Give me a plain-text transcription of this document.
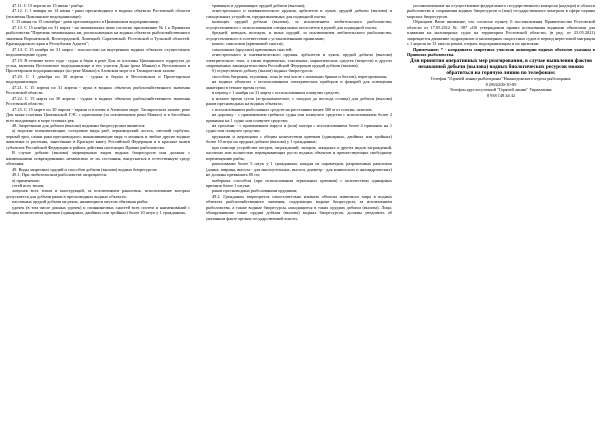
47.11. С 15 апреля по 15 июня - рыбца.

47.12. С 1 января по 14 июня - раки пресноводного в водных объектах Ростовской области (исключая Цимлянское водохранилище);

С 15 июня по 15 сентября - раки пресноводного в Цимлянском водохранилище;

47.13. С 15 ноября по 31 марта - на зимовальных ямах согласно приложению № 1 к Правилам рыболовства "Перечень зимовальных ям, расположенных на водных объектах рыбохозяйственного значения Воронежской, Волгоградской, Липецкой, Саратовской, Ростовской и Тульской областей, Краснодарского края и Республики Адыгея";

47.14. С 15 ноября по 31 марта - плоскостью на внутренних водных объектах осуществлять водоизмещение судов;

47.19. В течение всего года - судак и берш в реке Дон от плотины Цимлянского гидроузла до устья, включая Веселовское водохранилище и его участок Дона (река Маныч) в Веселовском и Пролетарском водохранилищах (по реке Маныч) в Азовском море и в Таганрогском заливе.

47.20. С 1 декабря по 30 апреля - судака и берша в Веселовском и Пролетарском водохранилищах.

47.21. С 15 апреля по 31 апреля - щука в водных объектах рыбохозяйственного значения Ростовской области.

47.22. С 15 марта по 30 апреля - судака в водных объектах рыбохозяйственного значения Ростовской области;

47.25. С 15 марта по 30 апреля - тарани и плотвы в Азовском море, Таганрогском заливе, реке Дон ниже плотины Цимлянской ГЭС с притоками (за исключением реки Маныч) и в бассейнах всех впадающих в море степных рек.

48. Запретными для добычи (вылова) водными биоресурсами являются:

а) морские млекопитающие, осетровые виды рыб, черноморский лосось, светлый горбуша, черный ерш, самки рака пресноводного, вынашивающие икру и личинок и любые другие водные животные и растения, занесённые в Красную книгу Российской Федерации и в красные книги субъектов Российской Федерации в районе действия настоящих Правил рыболовства.

В случае добычи (вылова) запрещенных видов водных биоресурсов они должны с наименьшими повреждениями, независимо от их состояния, выпускаться в естественную среду обитания.

49. Виды запретных орудий и способов добычи (вылова) водных биоресурсов:

49.1. При любительском рыболовстве запрещается:

а) применение:

сетей всех типов;

ловушек всех типов и конструкций, за исключением раколовок, использование которых допускается для добычи раков в пресноводных водных объектах;

пассивных орудий добычи на реках, являющихся местом обитания рыбы;

удочек (в том числе донных удочек) и спиннинговых снастей всех систем и наименований с общим количеством крючков (одинарных, двойных или тройных) более 10 штук у 1 гражданина,

травящих и дурманящих орудий добычи (вылова);

огнестрельного и пневматического оружия, арбалетов и луков, орудий добычи (вылова) и самодельных устройств, предназначенных для подводной охоты;

колющих орудий добычи (вылова), за исключением любительского рыболовства, осуществляемого с использованием специальных пистолетов и ружей для подводной охоты;

бредней, неводов, волокуш, и иных орудий, за исключением любительского рыболовства, осуществляемого в соответствии с установленными правилами;

кошек, самоловов (крючковой снасти);

самоловных (ярусных) крючковых снастей;

огнестрельного и пневматического оружия, арбалетов и луков, орудий добычи (вылова) электрического тока, а также взрывчатых, токсичных, наркотических средств (веществ) и других запрещенных законодательством Российской Федерации орудий добычи (вылова);

б) осуществлять добычу (вылов) водных биоресурсов:

способом багрения, глушения, гона (в том числе с помощью бряков и болтов), перегорожения;

на водных объектах с использованием электрических приборов и фонарей для освещения акватории в темное время суток;

в период с 1 ноября по 31 марта с использованием плавучих средств;

в ночное время суток (астрономическое, с заходом до восхода солнца) для добычи (вылова) раков пресноводных на водных объектах;

с использованием рыболовных средств на расстоянии менее 500 м от плотин, шлюзов;

на дорожку - с применением гребного судна или плавучего средства с использованием более 2 приманок на 1 судно или плавучее средство;

на троллинг - с применением паруса и (или) мотора с использованием более 2 приманок на 1 судно или плавучее средство;

кружками и жерлицами с общим количеством крючков (одинарных, двойных или тройных) более 10 штук на орудиях добычи (вылова) у 1 гражданина;

при помощи устройства заездов, заграждений, запоров, закидных и других видов заграждений, частично или полностью перекрывающих русло водных объектов и препятствующих свободному перемещению рыбы;

раколовками более 5 штук у 1 гражданина, каждая из параметров, разрешенных раколовок (длина, ширина, высота - для многоугольных, высота, диаметр - для конических и цилиндрических) не должны превышать 80 см;

жаберных способом (при использовании зеркальных крючков) с количеством одинарных крючков более 1 штуки;

раков пресноводных рыболовными орудиями;

49.2. Гражданам запрещается самостоятельно изымать объекты животного мира в водных объектах рыбохозяйственного значения, содержащих водные биоресурсы, за исключением рыболовства, а также водные биоресурсы, находящиеся в таких орудиях добычи (вылова). Лица, обнаружившие такие орудия добычи (вылова) водных биоресурсов, должны уведомить об указанном факте органы государственной власти,

уполномоченные на осуществление федерального государственного контроля (надзора) в области рыболовства и сохранения водных биоресурсов и (или) государственного контроля в сфере охраны морских биоресурсов.

Обращаем Ваше внимание, что согласно пункту 6 постановления Правительства Ростовской области от 17.05.2012 № 387 «Об утверждении правил пользования водными объектами для плавания на маломерных судах на территории Ростовской области» (в ред. от 25.05.2021) запрещается движение гидроциклов и маломерных скоростных судов в период нерестовой миграции с 1 апреля по 31 мая по рекам, озерам, водохранилищам и их притокам.

Примечание: * - координаты запретных участков акватории водных объектов указаны в Правилах рыболовства.

Для принятия оперативных мер реагирования, в случае выявления фактов незаконной добычи (вылова) водных биологических ресурсов можно обратиться на горячую линию по телефонам:

Телефон "Горячей линии рыбоохраны" Нижнедонского отдела рыбоохраны:

8 (863)200-10-09

Телефон круглосуточной "Горячей линии" Управления:

8 938 148 44 42
